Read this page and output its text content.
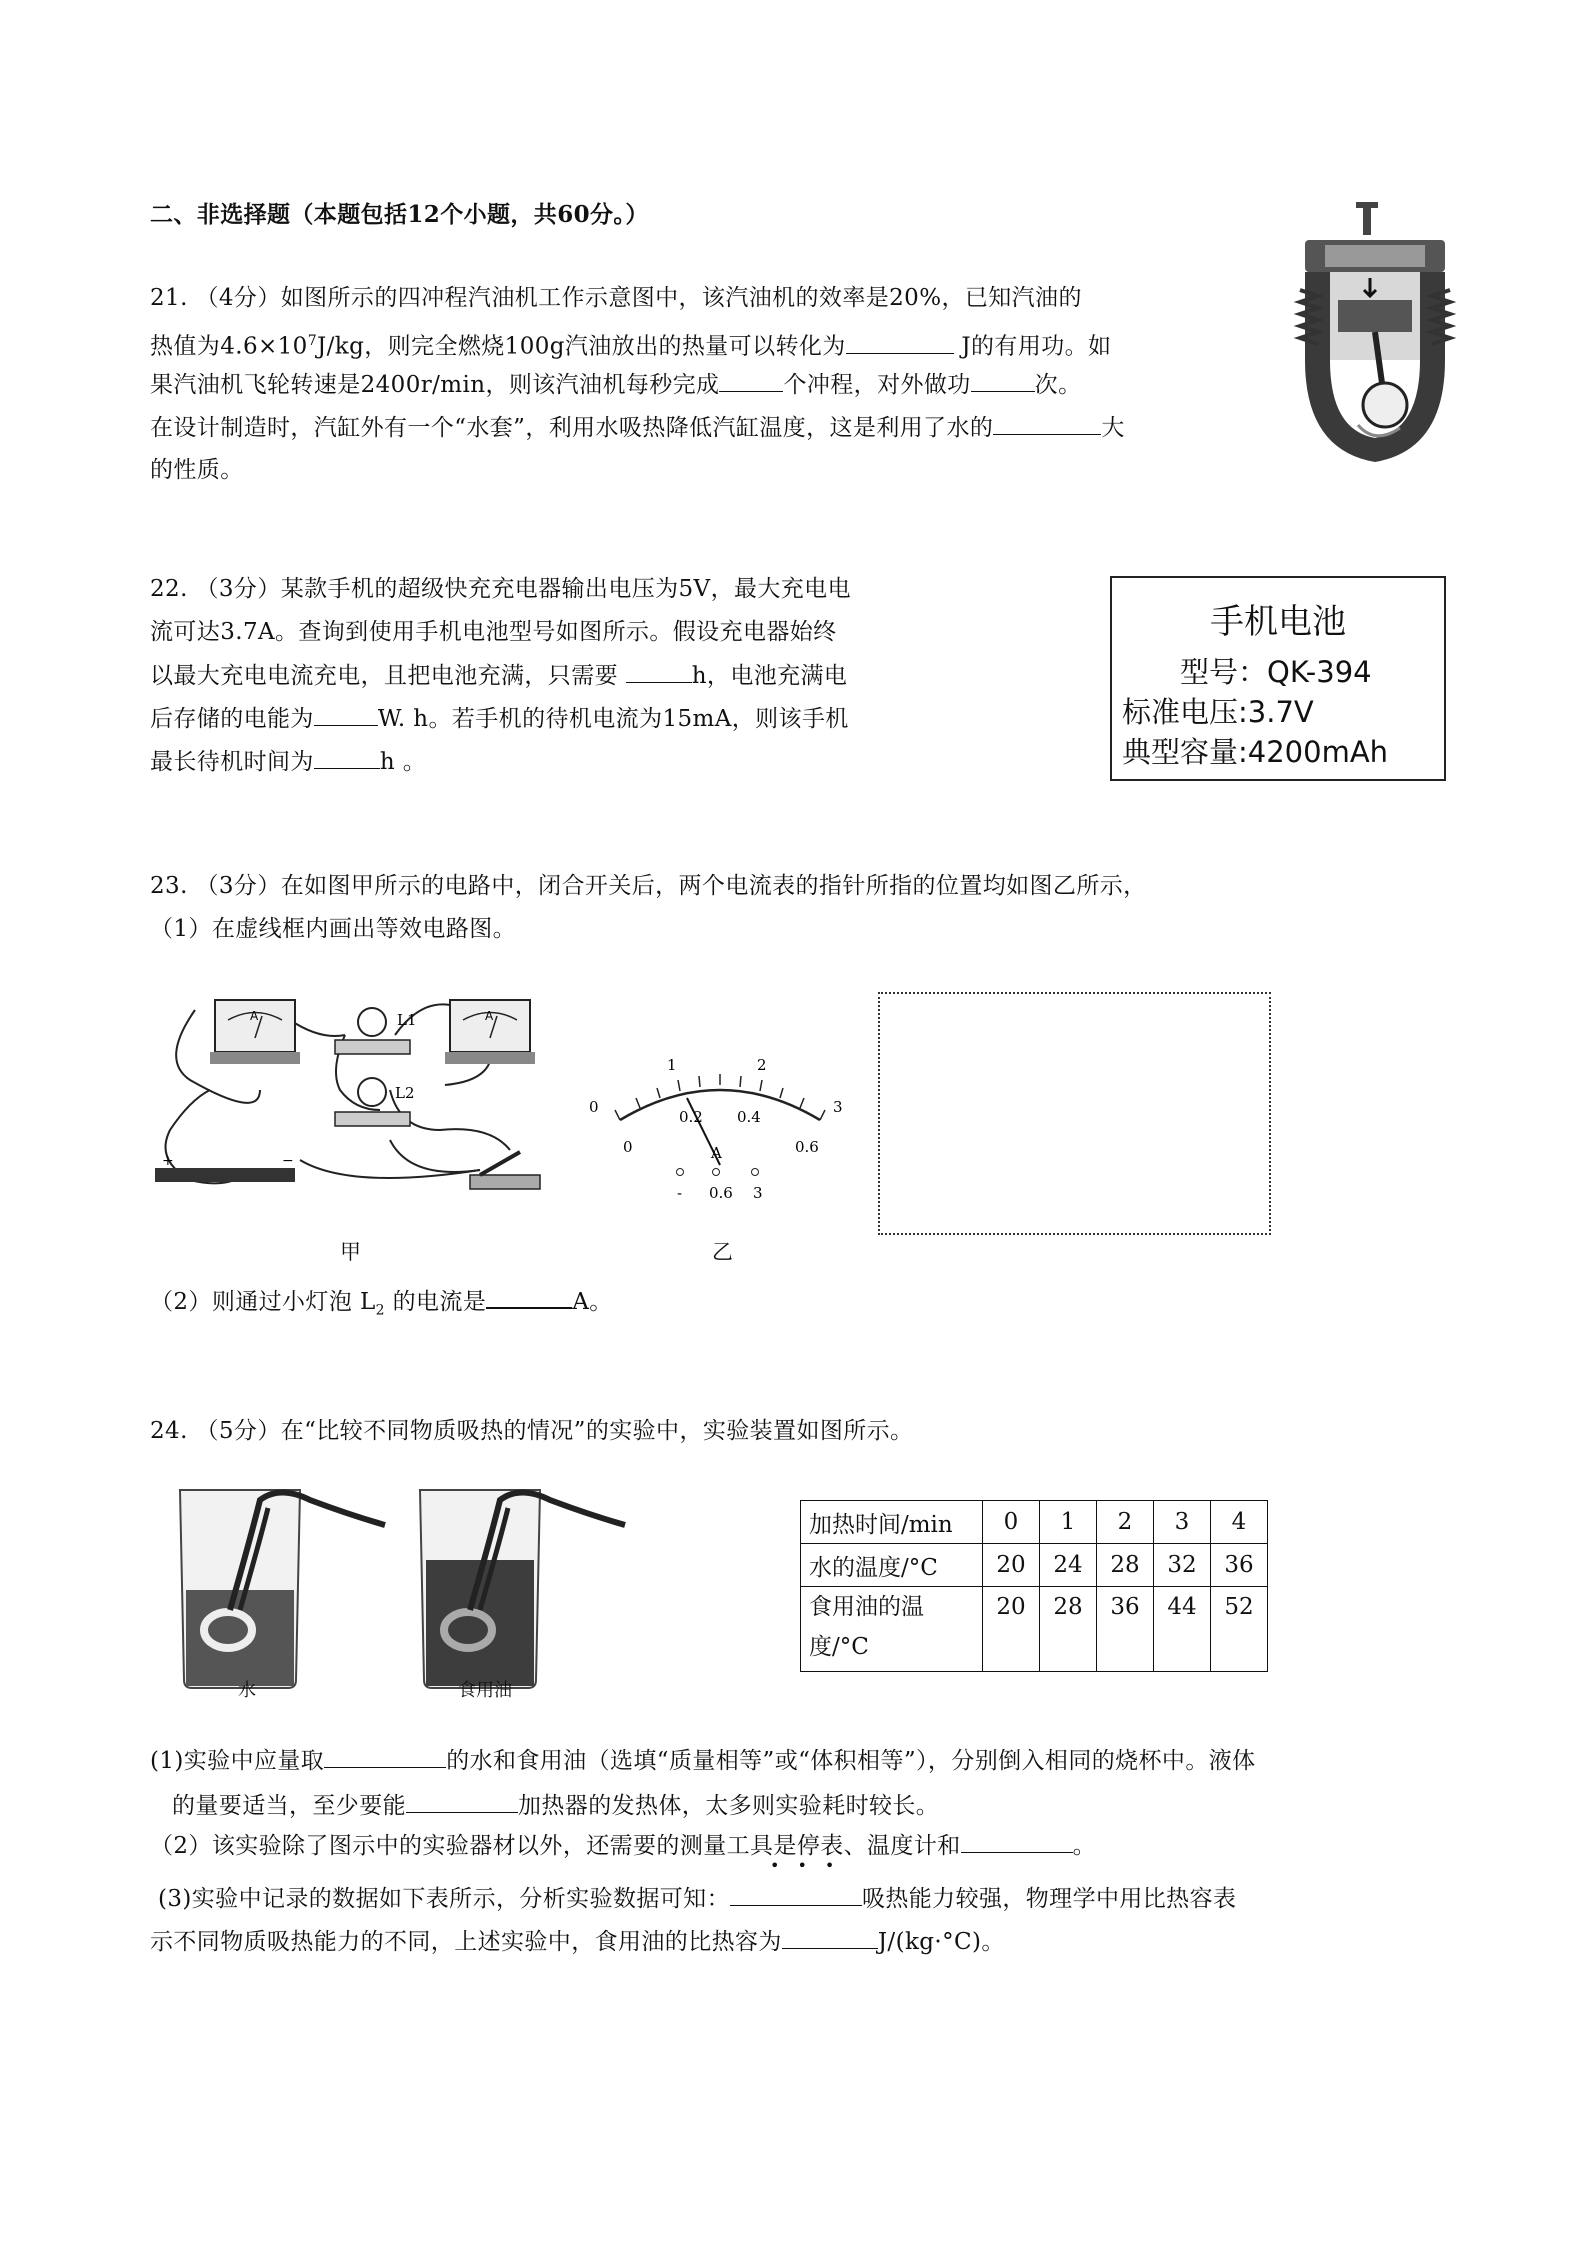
二、非选择题（本题包括12个小题，共60分。）
21. （4分）如图所示的四冲程汽油机工作示意图中，该汽油机的效率是20%，已知汽油的
热值为$4.6\times 10^7J/kg$，则完全燃烧100g汽油放出的热量可以转化为	J的有用功。如
果汽油机飞轮转速是2400r/min，则该汽油机每秒完成	个冲程，对外做功	次。
在设计制造时，汽缸外有一个“水套”，利用水吸热降低汽缸温度，这是利用了水的	大
的性质。
22. （3分）某款手机的超级快充充电器输出电压为5V，最大充电电
流可达3.7A。查询到使用手机电池型号如图所示。假设充电器始终
以最大充电电流充电，且把电池充满，只需要	h，电池充满电
后存储的电能为	W. h。若手机的待机电流为15mA，则该手机
最长待机时间为	h 。
手机电池
型号：QK-394
标准电压:3.7V
典型容量:4200mAh
23. （3分）在如图甲所示的电路中，闭合开关后，两个电流表的指针所指的位置均如图乙所示，
（1）在虚线框内画出等效电路图。
A	A
L1
L2
+	−
甲
0
1	2
3
0
0.2 0.4
0.6
A
- 0.6 3
乙
（2）则通过小灯泡 $L_2$ 的电流是	A。
24. （5分）在“比较不同物质吸热的情况”的实验中，实验装置如图所示。
水	食用油
加热时间/min	0	1	2	3	4
水的温度/°C	20	24	28	32	36
食用油的温
度/°C	20	28	36	44	52
(1)实验中应量取	的水和食用油（选填“质量相等”或“体积相等”），分别倒入相同的烧杯中。液体
的量要适当，至少要能	加热器的发热体，太多则实验耗时较长。
（2）该实验除了图示中的实验器材以外，还需要的测量工具是停表、温度计和	。
•••
(3)实验中记录的数据如下表所示，分析实验数据可知：	吸热能力较强，物理学中用比热容表
示不同物质吸热能力的不同，上述实验中，食用油的比热容为	J/(kg·°C)。
